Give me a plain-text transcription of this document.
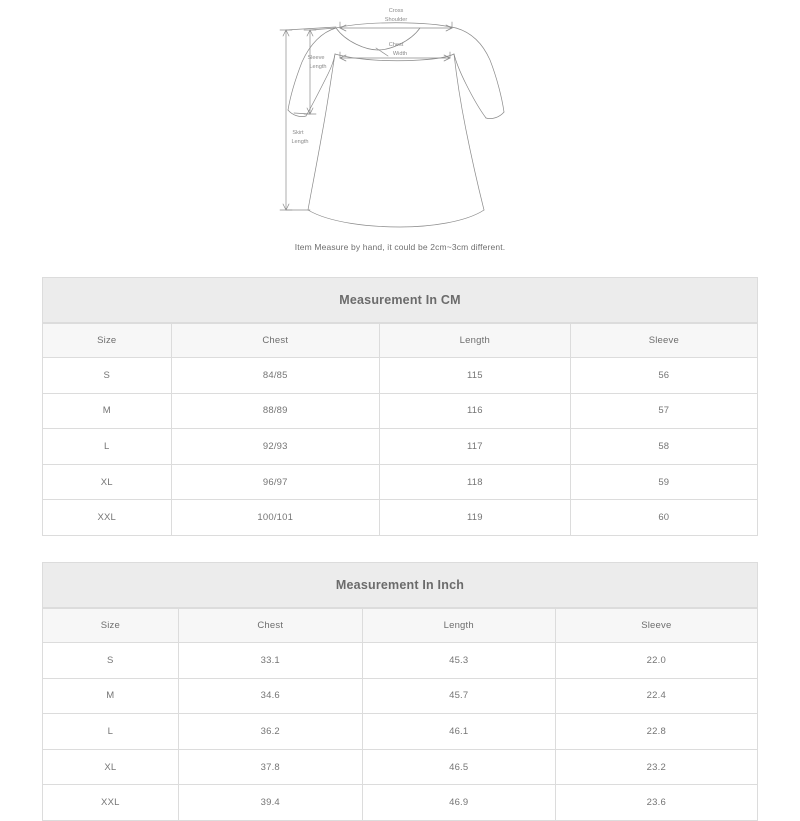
Cross
Shoulder
Sleeve
Length
Chest
Width
Skirt
Length
Item Measure by hand, it could be 2cm~3cm different.
Measurement In CM
Size	Chest	Length	Sleeve
S	84/85	115	56
M	88/89	116	57
L	92/93	117	58
XL	96/97	118	59
XXL	100/101	119	60
Measurement In Inch
Size	Chest	Length	Sleeve
S	33.1	45.3	22.0
M	34.6	45.7	22.4
L	36.2	46.1	22.8
XL	37.8	46.5	23.2
XXL	39.4	46.9	23.6
